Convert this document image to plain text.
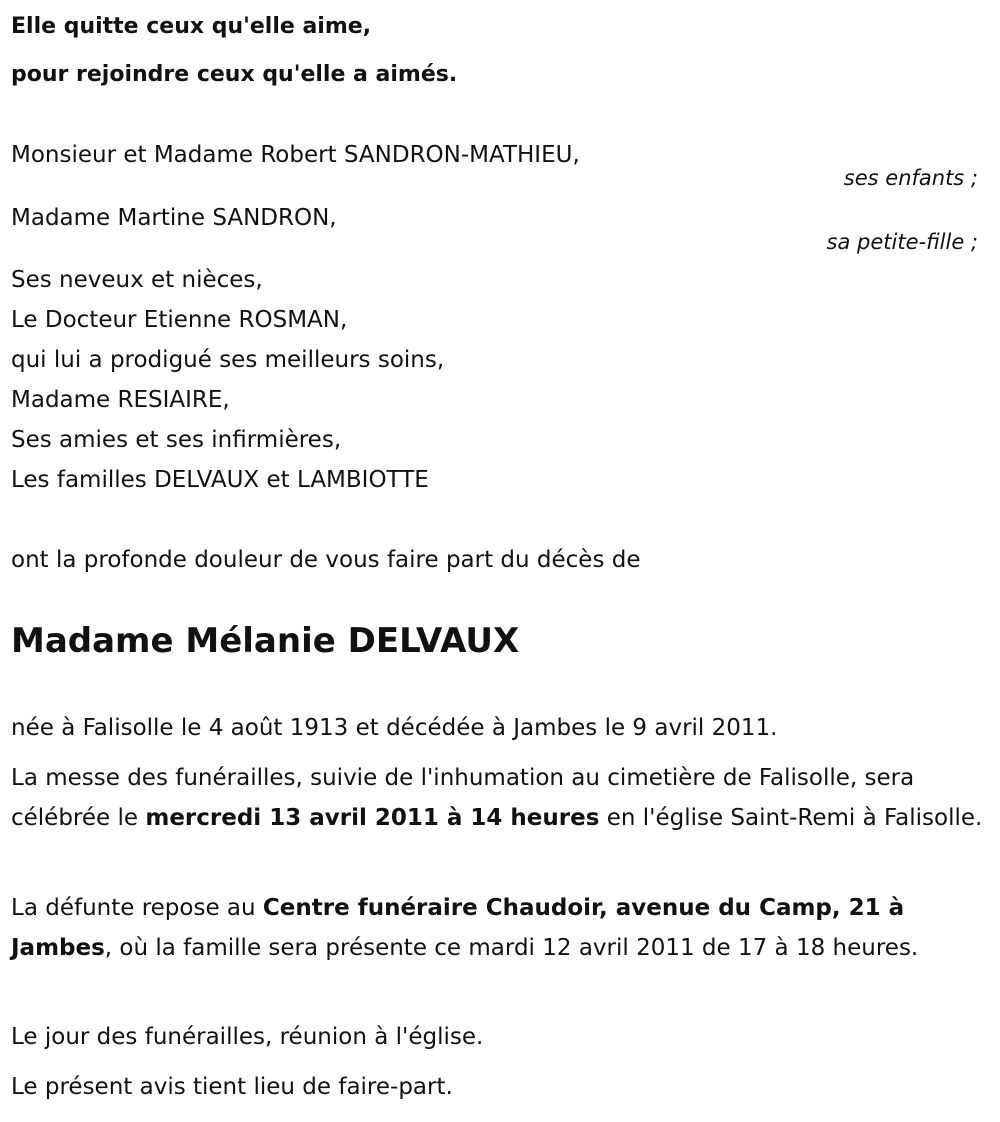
Elle quitte ceux qu'elle aime,

pour rejoindre ceux qu'elle a aimés.

Monsieur et Madame Robert SANDRON-MATHIEU,

ses enfants ;

Madame Martine SANDRON,

sa petite-fille ;

Ses neveux et nièces,

Le Docteur Etienne ROSMAN,

qui lui a prodigué ses meilleurs soins,

Madame RESIAIRE,

Ses amies et ses infirmières,

Les familles DELVAUX et LAMBIOTTE

ont la profonde douleur de vous faire part du décès de

Madame Mélanie DELVAUX

née à Falisolle le 4 août 1913 et décédée à Jambes le 9 avril 2011.

La messe des funérailles, suivie de l'inhumation au cimetière de Falisolle, sera célébrée le mercredi 13 avril 2011 à 14 heures en l'église Saint-Remi à Falisolle.

La défunte repose au Centre funéraire Chaudoir, avenue du Camp, 21 à Jambes, où la famille sera présente ce mardi 12 avril 2011 de 17 à 18 heures.

Le jour des funérailles, réunion à l'église.

Le présent avis tient lieu de faire-part.
